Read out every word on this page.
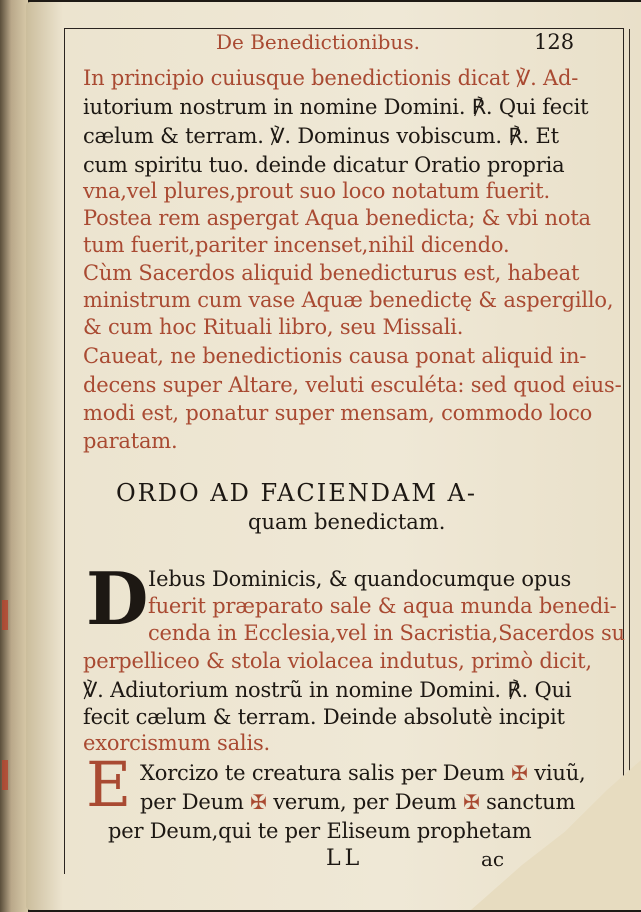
De Benedictionibus.	128
In principio cuiusque benedictionis dicat ℣. Ad-
iutorium nostrum in nomine Domini. ℟. Qui fecit
cælum & terram. ℣. Dominus vobiscum. ℟. Et
cum spiritu tuo. deinde dicatur Oratio propria
vna,vel plures,prout suo loco notatum fuerit.
Postea rem aspergat Aqua benedicta; & vbi nota
tum fuerit,pariter incenset,nihil dicendo.
Cùm Sacerdos aliquid benedicturus est, habeat
ministrum cum vase Aquæ benedictę & aspergillo,
& cum hoc Rituali libro, seu Missali.
Caueat, ne benedictionis causa ponat aliquid in-
decens super Altare, veluti esculéta: sed quod eius-
modi est, ponatur super mensam, commodo loco
paratam.
ORDO AD FACIENDAM A-
quam benedictam.
D Iebus Dominicis, & quandocumque opus
fuerit præparato sale & aqua munda benedi-
cenda in Ecclesia,vel in Sacristia,Sacerdos su
perpelliceo & stola violacea indutus, primò dicit,
℣. Adiutorium nostrũ in nomine Domini. ℟. Qui
fecit cælum & terram. Deinde absolutè incipit
exorcismum salis.
E Xorcizo te creatura salis per Deum ✠ viuũ,
per Deum ✠ verum, per Deum ✠ sanctum
per Deum,qui te per Eliseum prophetam
LL	ac
